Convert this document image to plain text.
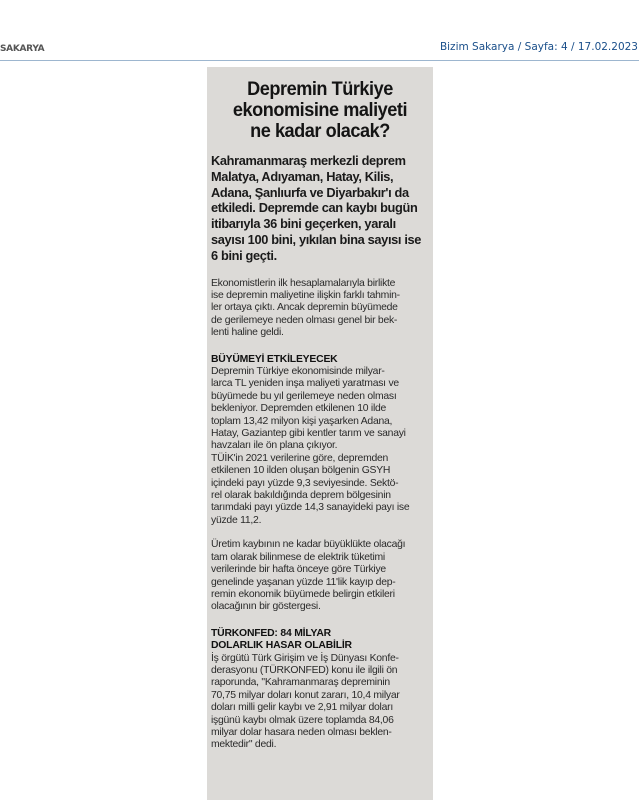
SAKARYA	Bizim Sakarya / Sayfa: 4 / 17.02.2023
Depremin Türkiye
ekonomisine maliyeti
ne kadar olacak?
Kahramanmaraş merkezli deprem
Malatya, Adıyaman, Hatay, Kilis,
Adana, Şanlıurfa ve Diyarbakır'ı da
etkiledi. Depremde can kaybı bugün
itibarıyla 36 bini geçerken, yaralı
sayısı 100 bini, yıkılan bina sayısı ise
6 bini geçti.
Ekonomistlerin ilk hesaplamalarıyla birlikte
ise depremin maliyetine ilişkin farklı tahmin-
ler ortaya çıktı. Ancak depremin büyümede
de gerilemeye neden olması genel bir bek-
lenti haline geldi.
BÜYÜMEYİ ETKİLEYECEK
Depremin Türkiye ekonomisinde milyar-
larca TL yeniden inşa maliyeti yaratması ve
büyümede bu yıl gerilemeye neden olması
bekleniyor. Depremden etkilenen 10 ilde
toplam 13,42 milyon kişi yaşarken Adana,
Hatay, Gaziantep gibi kentler tarım ve sanayi
havzaları ile ön plana çıkıyor.
TÜİK'in 2021 verilerine göre, depremden
etkilenen 10 ilden oluşan bölgenin GSYH
içindeki payı yüzde 9,3 seviyesinde. Sektö-
rel olarak bakıldığında deprem bölgesinin
tarımdaki payı yüzde 14,3 sanayideki payı ise
yüzde 11,2.
Üretim kaybının ne kadar büyüklükte olacağı
tam olarak bilinmese de elektrik tüketimi
verilerinde bir hafta önceye göre Türkiye
genelinde yaşanan yüzde 11'lik kayıp dep-
remin ekonomik büyümede belirgin etkileri
olacağının bir göstergesi.
TÜRKONFED: 84 MİLYAR
DOLARLIK HASAR OLABİLİR
İş örgütü Türk Girişim ve İş Dünyası Konfe-
derasyonu (TÜRKONFED) konu ile ilgili ön
raporunda, "Kahramanmaraş depreminin
70,75 milyar doları konut zararı, 10,4 milyar
doları milli gelir kaybı ve 2,91 milyar doları
işgünü kaybı olmak üzere toplamda 84,06
milyar dolar hasara neden olması beklen-
mektedir" dedi.
